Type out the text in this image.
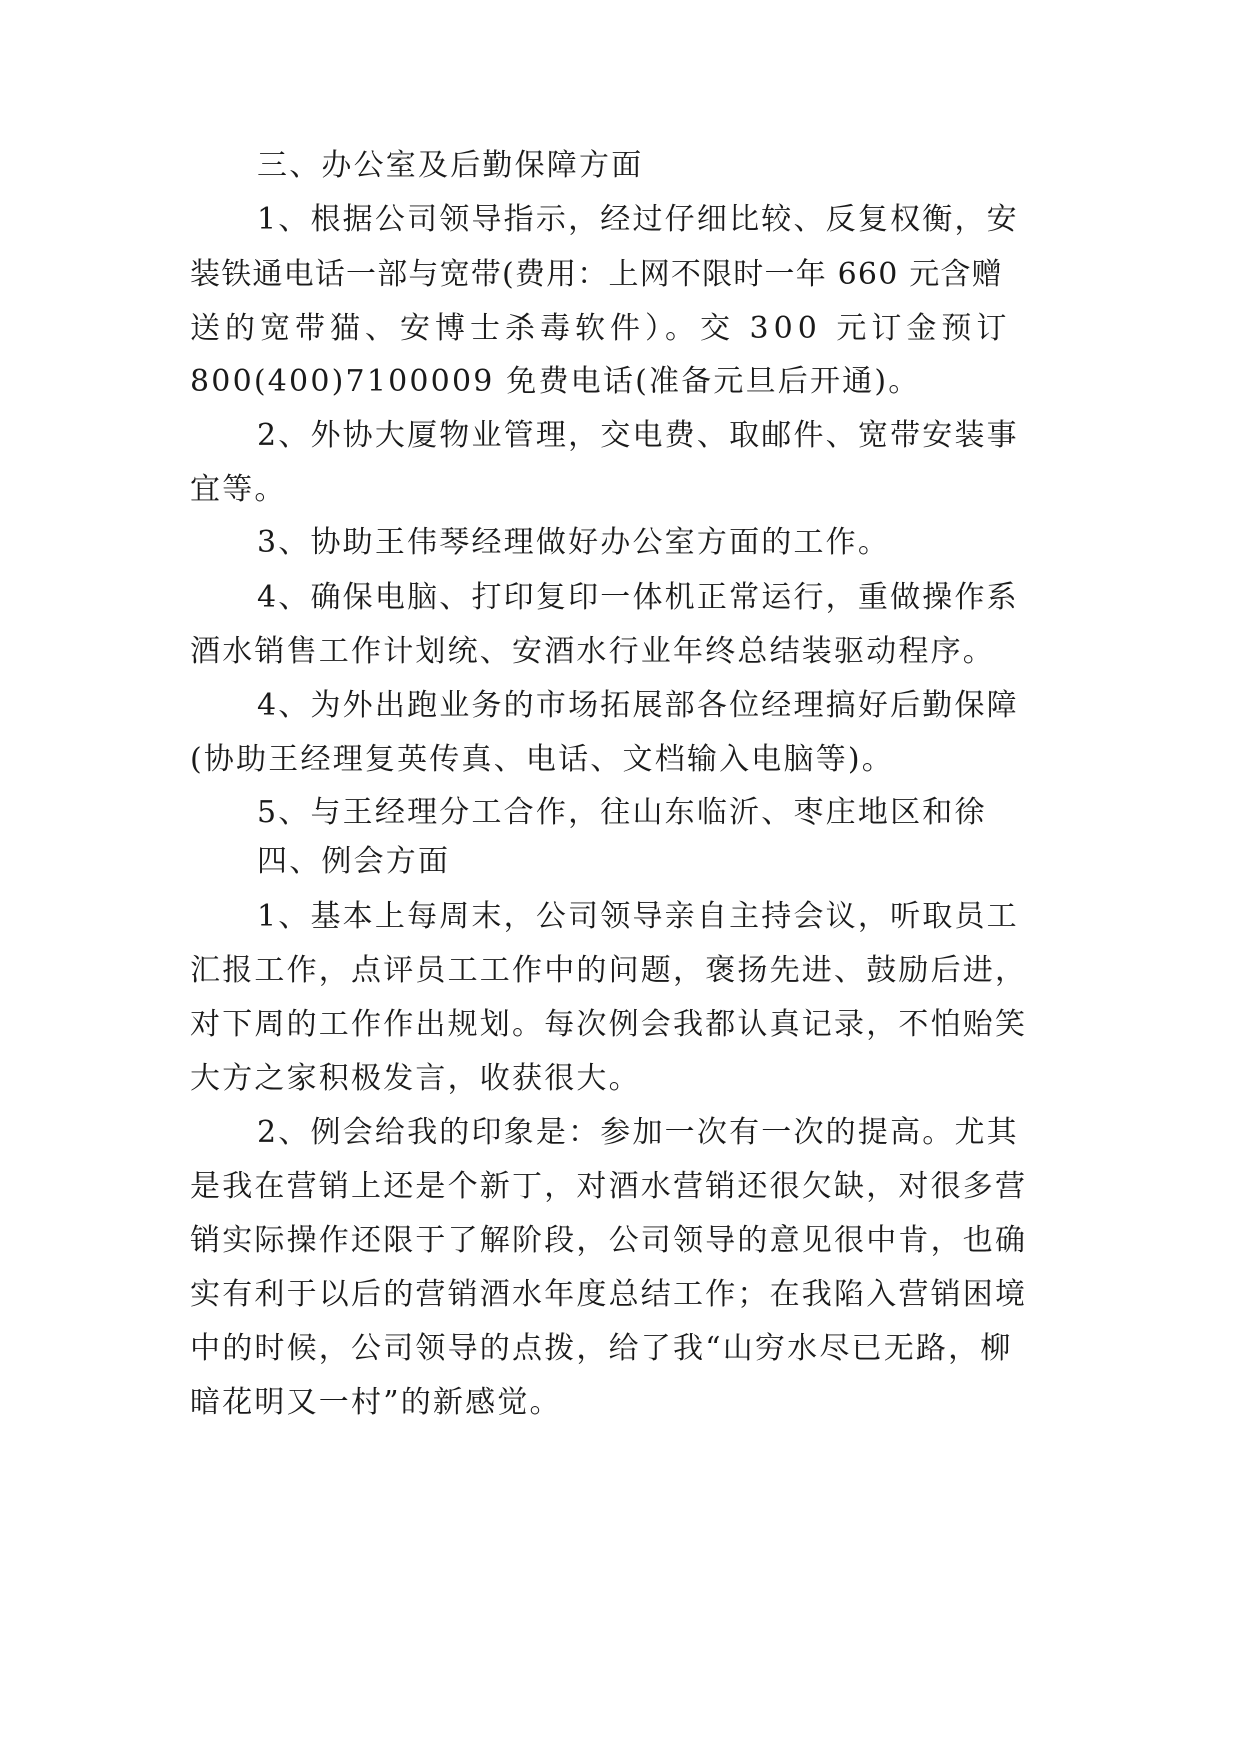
三、办公室及后勤保障方面
1、根据公司领导指示，经过仔细比较、反复权衡，安
装铁通电话一部与宽带(费用：上网不限时一年 660 元含赠
送的宽带猫、安博士杀毒软件）。交 300 元订金预订
800(400)7100009 免费电话(准备元旦后开通)。
2、外协大厦物业管理，交电费、取邮件、宽带安装事
宜等。
3、协助王伟琴经理做好办公室方面的工作。
4、确保电脑、打印复印一体机正常运行，重做操作系
酒水销售工作计划统、安酒水行业年终总结装驱动程序。
4、为外出跑业务的市场拓展部各位经理搞好后勤保障
(协助王经理复英传真、电话、文档输入电脑等)。
5、与王经理分工合作，往山东临沂、枣庄地区和徐
四、例会方面
1、基本上每周末，公司领导亲自主持会议，听取员工
汇报工作，点评员工工作中的问题，褒扬先进、鼓励后进，
对下周的工作作出规划。每次例会我都认真记录，不怕贻笑
大方之家积极发言，收获很大。
2、例会给我的印象是：参加一次有一次的提高。尤其
是我在营销上还是个新丁，对酒水营销还很欠缺，对很多营
销实际操作还限于了解阶段，公司领导的意见很中肯，也确
实有利于以后的营销酒水年度总结工作；在我陷入营销困境
中的时候，公司领导的点拨，给了我“山穷水尽已无路，柳
暗花明又一村”的新感觉。
